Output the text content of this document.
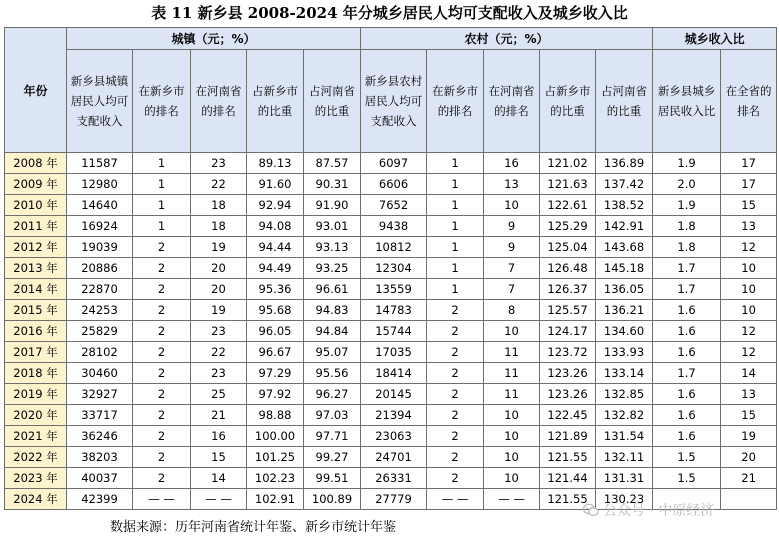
表 11 新乡县 2008-2024 年分城乡居民人均可支配收入及城乡收入比
年份	城镇（元；%）					农村（元；%）					城乡收入比	
	新乡县城镇居民人均可支配收入	在新乡市的排名	在河南省的排名	占新乡市的比重	占河南省的比重	新乡县农村居民人均可支配收入	在新乡市的排名	在河南省的排名	占新乡市的比重	占河南省的比重	新乡县城乡居民收入比	在全省的排名
2008 年	11587	1	23	89.13	87.57	6097	1	16	121.02	136.89	1.9	17
2009 年	12980	1	22	91.60	90.31	6606	1	13	121.63	137.42	2.0	17
2010 年	14640	1	18	92.94	91.90	7652	1	10	122.61	138.52	1.9	15
2011 年	16924	1	18	94.08	93.01	9438	1	9	125.29	142.91	1.8	13
2012 年	19039	2	19	94.44	93.13	10812	1	9	125.04	143.68	1.8	12
2013 年	20886	2	20	94.49	93.25	12304	1	7	126.48	145.18	1.7	10
2014 年	22870	2	20	95.36	96.61	13559	1	7	126.37	136.05	1.7	10
2015 年	24253	2	19	95.68	94.83	14783	2	8	125.57	136.21	1.6	10
2016 年	25829	2	23	96.05	94.84	15744	2	10	124.17	134.60	1.6	12
2017 年	28102	2	22	96.67	95.07	17035	2	11	123.72	133.93	1.6	12
2018 年	30460	2	23	97.29	95.56	18414	2	11	123.26	133.14	1.7	14
2019 年	32927	2	25	97.92	96.27	20145	2	11	123.26	132.85	1.6	13
2020 年	33717	2	21	98.88	97.03	21394	2	10	122.45	132.82	1.6	15
2021 年	36246	2	16	100.00	97.71	23063	2	10	121.89	131.54	1.6	19
2022 年	38203	2	15	101.25	99.27	24701	2	10	121.55	132.11	1.5	20
2023 年	40037	2	14	102.23	99.51	26331	2	10	121.44	131.31	1.5	21
2024 年	42399	— —	— —	102.91	100.89	27779	— —	— —	121.55	130.23		
数据来源：历年河南省统计年鉴、新乡市统计年鉴
公众号 · 中原经济
